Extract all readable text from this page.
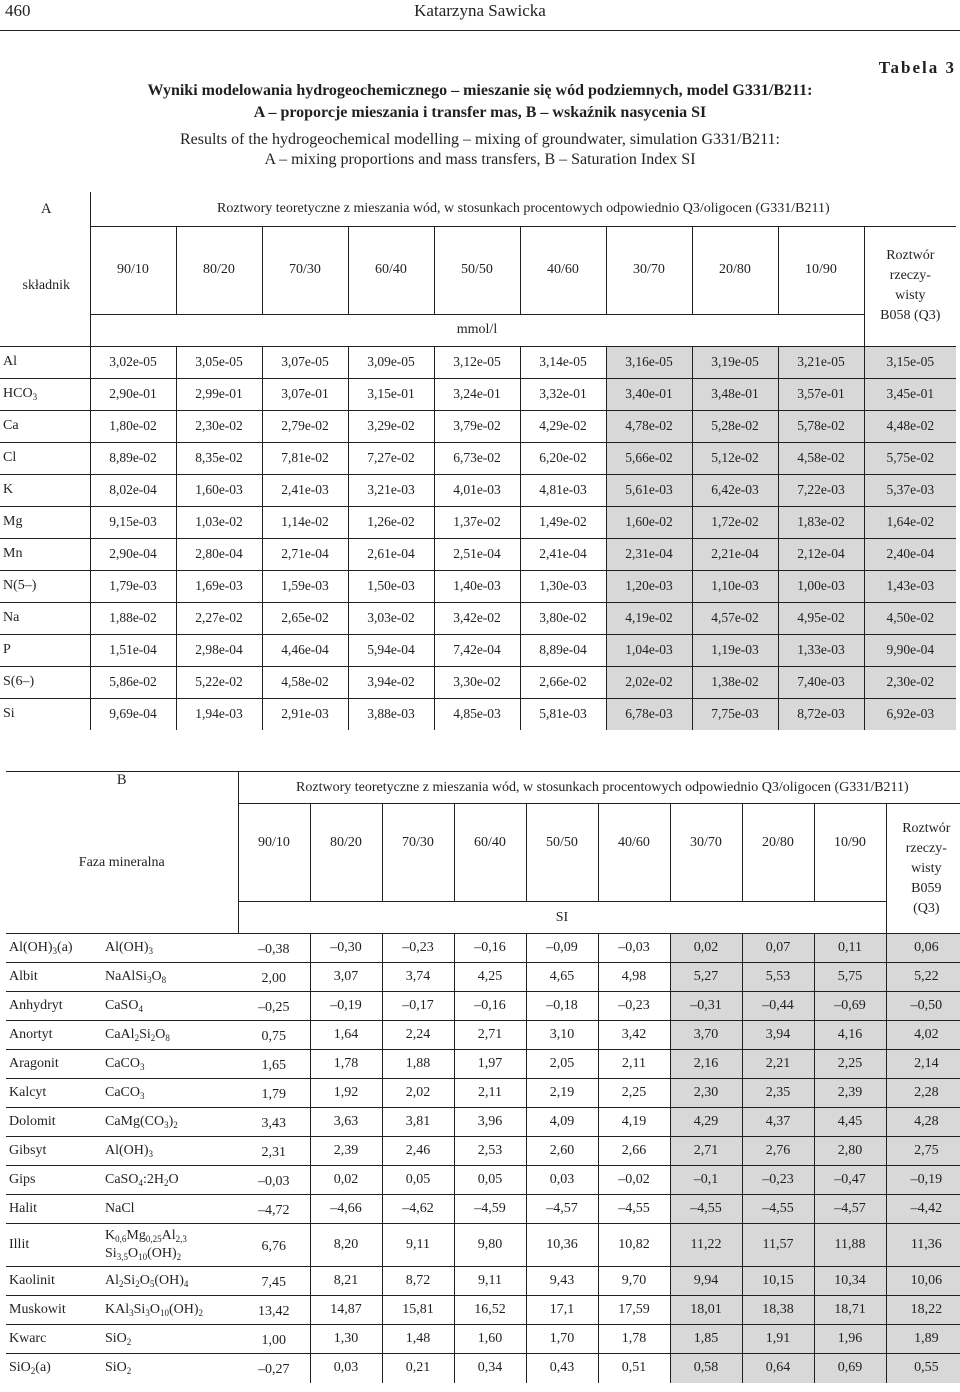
460	Katarzyna Sawicka
Tabela 3
Wyniki modelowania hydrogeochemicznego – mieszanie się wód podziemnych, model G331/B211:
A – proporcje mieszania i transfer mas, B – wskaźnik nasycenia SI
Results of the hydrogeochemical modelling – mixing of groundwater, simulation G331/B211:
A – mixing proportions and mass transfers, B – Saturation Index SI
A	Roztwory teoretyczne z mieszania wód, w stosunkach procentowych odpowiednio Q3/oligocen (G331/B211)									
składnik	90/10	80/20	70/30	60/40	50/50	40/60	30/70	20/80	10/90	Roztwór
rzeczy-
wisty
B058 (Q3)

	mmol/l									
Al	3,02e-05	3,05e-05	3,07e-05	3,09e-05	3,12e-05	3,14e-05	3,16e-05	3,19e-05	3,21e-05	3,15e-05
$HCO_3$	2,90e-01	2,99e-01	3,07e-01	3,15e-01	3,24e-01	3,32e-01	3,40e-01	3,48e-01	3,57e-01	3,45e-01
Ca	1,80e-02	2,30e-02	2,79e-02	3,29e-02	3,79e-02	4,29e-02	4,78e-02	5,28e-02	5,78e-02	4,48e-02
Cl	8,89e-02	8,35e-02	7,81e-02	7,27e-02	6,73e-02	6,20e-02	5,66e-02	5,12e-02	4,58e-02	5,75e-02
K	8,02e-04	1,60e-03	2,41e-03	3,21e-03	4,01e-03	4,81e-03	5,61e-03	6,42e-03	7,22e-03	5,37e-03
Mg	9,15e-03	1,03e-02	1,14e-02	1,26e-02	1,37e-02	1,49e-02	1,60e-02	1,72e-02	1,83e-02	1,64e-02
Mn	2,90e-04	2,80e-04	2,71e-04	2,61e-04	2,51e-04	2,41e-04	2,31e-04	2,21e-04	2,12e-04	2,40e-04
N(5–)	1,79e-03	1,69e-03	1,59e-03	1,50e-03	1,40e-03	1,30e-03	1,20e-03	1,10e-03	1,00e-03	1,43e-03
Na	1,88e-02	2,27e-02	2,65e-02	3,03e-02	3,42e-02	3,80e-02	4,19e-02	4,57e-02	4,95e-02	4,50e-02
P	1,51e-04	2,98e-04	4,46e-04	5,94e-04	7,42e-04	8,89e-04	1,04e-03	1,19e-03	1,33e-03	9,90e-04
S(6–)	5,86e-02	5,22e-02	4,58e-02	3,94e-02	3,30e-02	2,66e-02	2,02e-02	1,38e-02	7,40e-03	2,30e-02
Si	9,69e-04	1,94e-03	2,91e-03	3,88e-03	4,85e-03	5,81e-03	6,78e-03	7,75e-03	8,72e-03	6,92e-03
B
Faza mineralna		Roztwory teoretyczne z mieszania wód, w stosunkach procentowych odpowiednio Q3/oligocen (G331/B211)									
		90/10	80/20	70/30	60/40	50/50	40/60	30/70	20/80	10/90	Roztwór
rzeczy-
wisty
B059
(Q3)

		SI									
$Al(OH)_3(a)$	$Al(OH)_3$	–0,38	–0,30	–0,23	–0,16	–0,09	–0,03	0,02	0,07	0,11	0,06
Albit	$NaAlSi_3O_8$	2,00	3,07	3,74	4,25	4,65	4,98	5,27	5,53	5,75	5,22
Anhydryt	CaSO$_4$	–0,25	–0,19	–0,17	–0,16	–0,18	–0,23	–0,31	–0,44	–0,69	–0,50
Anortyt	$CaAl_2Si_2O_8$	0,75	1,64	2,24	2,71	3,10	3,42	3,70	3,94	4,16	4,02
Aragonit	CaCO$_3$	1,65	1,78	1,88	1,97	2,05	2,11	2,16	2,21	2,25	2,14
Kalcyt	CaCO$_3$	1,79	1,92	2,02	2,11	2,19	2,25	2,30	2,35	2,39	2,28
Dolomit	$CaMg(CO_3)_2$	3,43	3,63	3,81	3,96	4,09	4,19	4,29	4,37	4,45	4,28
Gibsyt	$Al(OH)_3$	2,31	2,39	2,46	2,53	2,60	2,66	2,71	2,76	2,80	2,75
Gips	$CaSO_4:2H_2O$	–0,03	0,02	0,05	0,05	0,03	–0,02	–0,1	–0,23	–0,47	–0,19
Halit	NaCl	–4,72	–4,66	–4,62	–4,59	–4,57	–4,55	–4,55	–4,55	–4,57	–4,42
Illit	$K_{0,6}Mg_{0,25}Al_{2,3}$
$Si_{3,5}O_{10}(OH)_2$	6,76	8,20	9,11	9,80	10,36	10,82	11,22	11,57	11,88	11,36
Kaolinit	$Al_2Si_2O_5(OH)_4$	7,45	8,21	8,72	9,11	9,43	9,70	9,94	10,15	10,34	10,06
Muskowit	$KAl_3Si_3O_{10}(OH)_2$	13,42	14,87	15,81	16,52	17,1	17,59	18,01	18,38	18,71	18,22
Kwarc	SiO$_2$	1,00	1,30	1,48	1,60	1,70	1,78	1,85	1,91	1,96	1,89
SiO$_2$(a)	SiO$_2$	–0,27	0,03	0,21	0,34	0,43	0,51	0,58	0,64	0,69	0,55
